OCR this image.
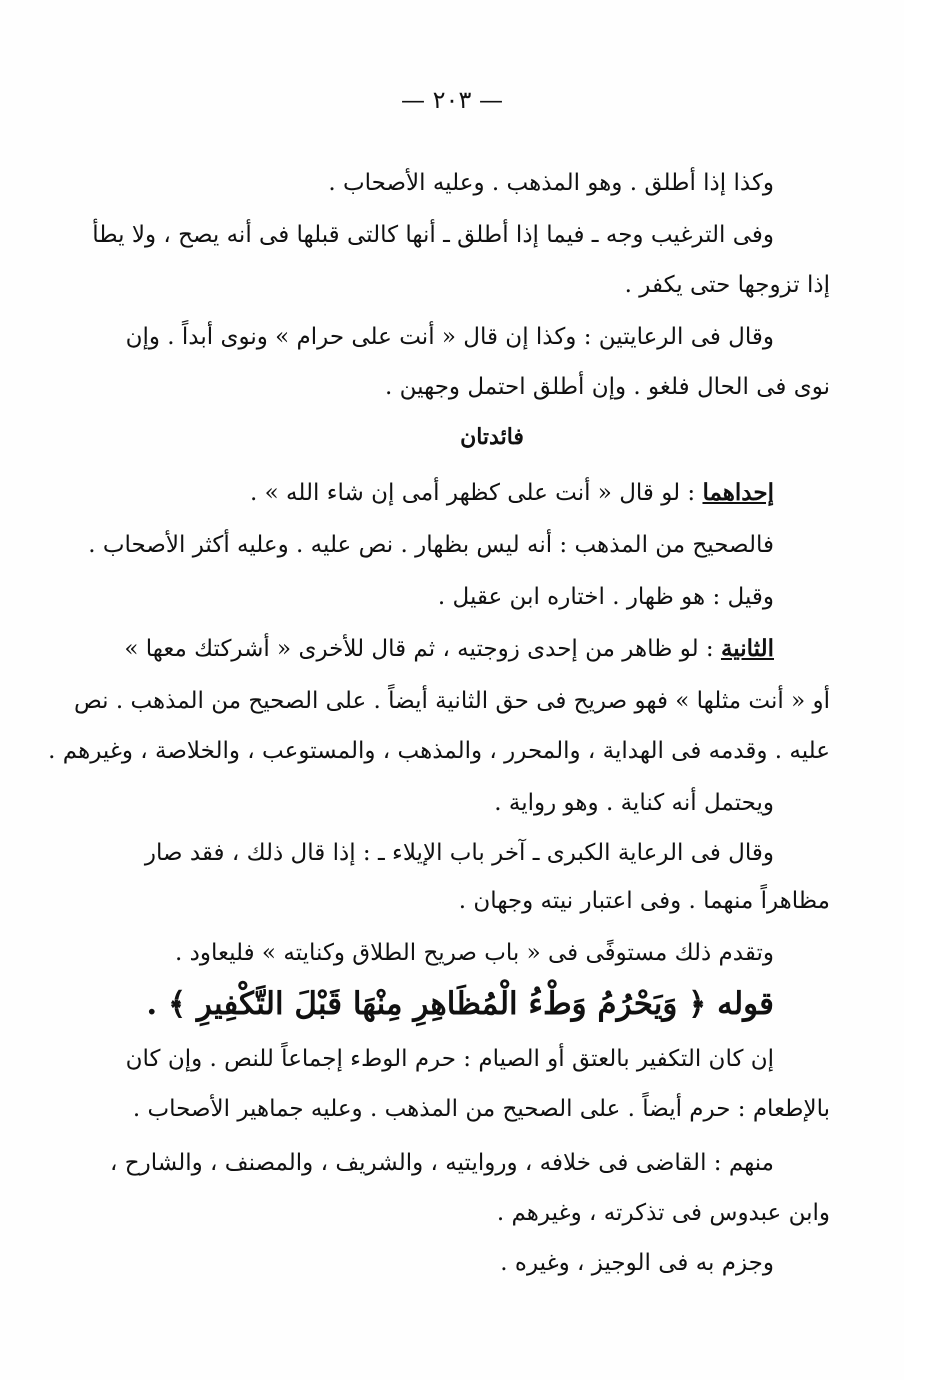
— ٢٠٣ —
وكذا إذا أطلق . وهو المذهب . وعليه الأصحاب .
وفى الترغيب وجه ـ فيما إذا أطلق ـ أنها كالتى قبلها فى أنه يصح ، ولا يطأ
إذا تزوجها حتى يكفر .
وقال فى الرعايتين : وكذا إن قال « أنت على حرام » ونوى أبداً . وإن
نوى فى الحال فلغو . وإن أطلق احتمل وجهين .
إحداهما : لو قال « أنت على كظهر أمى إن شاء الله » .
فالصحيح من المذهب : أنه ليس بظهار . نص عليه . وعليه أكثر الأصحاب .
وقيل : هو ظهار . اختاره ابن عقيل .
الثانية : لو ظاهر من إحدى زوجتيه ، ثم قال للأخرى « أشركتك معها »
أو « أنت مثلها » فهو صريح فى حق الثانية أيضاً . على الصحيح من المذهب . نص
عليه . وقدمه فى الهداية ، والمحرر ، والمذهب ، والمستوعب ، والخلاصة ، وغيرهم .
ويحتمل أنه كناية . وهو رواية .
وقال فى الرعاية الكبرى ـ آخر باب الإيلاء ـ : إذا قال ذلك ، فقد صار
مظاهراً منهما . وفى اعتبار نيته وجهان .
وتقدم ذلك مستوفًى فى « باب صريح الطلاق وكنايته » فليعاود .
قوله ﴿ وَيَحْرُمُ وَطْءُ الْمُظَاهِرِ مِنْهَا قَبْلَ التَّكْفِيرِ ﴾ .
إن كان التكفير بالعتق أو الصيام : حرم الوطء إجماعاً للنص . وإن كان
بالإطعام : حرم أيضاً . على الصحيح من المذهب . وعليه جماهير الأصحاب .
منهم : القاضى فى خلافه ، وروايتيه ، والشريف ، والمصنف ، والشارح ،
وابن عبدوس فى تذكرته ، وغيرهم .
وجزم به فى الوجيز ، وغيره .
فائدتان
